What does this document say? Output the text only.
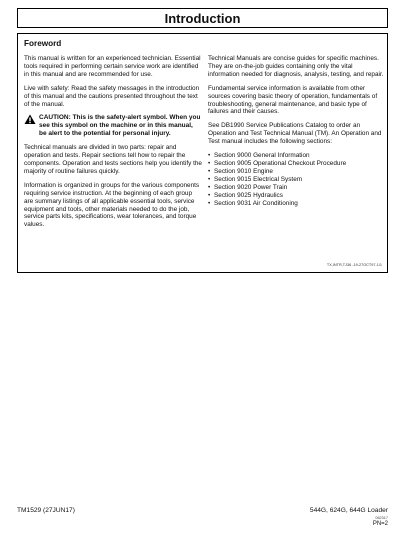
Introduction
Foreword

This manual is written for an experienced technician. Essential tools required in performing certain service work are identified in this manual and are recommended for use.

Live with safety: Read the safety messages in the introduction of this manual and the cautions presented throughout the text of the manual.

CAUTION: This is the safety-alert symbol. When you see this symbol on the machine or in this manual, be alert to the potential for personal injury.

Technical manuals are divided in two parts: repair and operation and tests. Repair sections tell how to repair the components. Operation and tests sections help you identify the majority of routine failures quickly.

Information is organized in groups for the various components requiring service instruction. At the beginning of each group are summary listings of all applicable essential tools, service equipment and tools, other materials needed to do the job, service parts kits, specifications, wear tolerances, and torque values.

Technical Manuals are concise guides for specific machines. They are on-the-job guides containing only the vital information needed for diagnosis, analysis, testing, and repair.

Fundamental service information is available from other sources covering basic theory of operation, fundamentals of troubleshooting, general maintenance, and basic type of failures and their causes.

See DB1990 Service Publications Catalog to order an Operation and Test Technical Manual (TM). An Operation and Test manual includes the following sections:

• Section 9000 General Information
• Section 9005 Operational Checkout Procedure
• Section 9010 Engine
• Section 9015 Electrical System
• Section 9020 Power Train
• Section 9025 Hydraulics
• Section 9031 Air Conditioning
TX,INTR,TJ36 -19-27OCT97-1/1
TM1529 (27JUN17)	544G, 624G, 644G Loader
062317
PN=2
